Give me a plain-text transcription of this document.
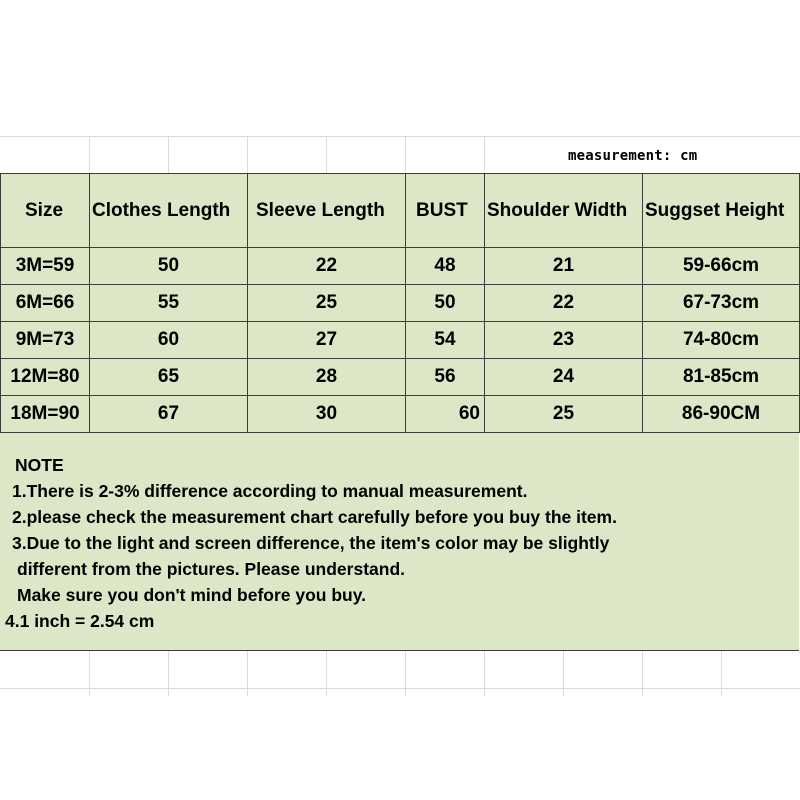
measurement: cm
Size	Clothes Length	Sleeve Length	BUST	Shoulder Width	Suggset Height
3M=59	50	22	48	21	59-66cm
6M=66	55	25	50	22	67-73cm
9M=73	60	27	54	23	74-80cm
12M=80	65	28	56	24	81-85cm
18M=90	67	30	60	25	86-90CM
NOTE
1.There is 2-3% difference according to manual measurement.
2.please check the measurement chart carefully before you buy the item.
3.Due to the light and screen difference, the item's color may be slightly
different from the pictures. Please understand.
Make sure you don't mind before you buy.
4.1 inch = 2.54 cm
